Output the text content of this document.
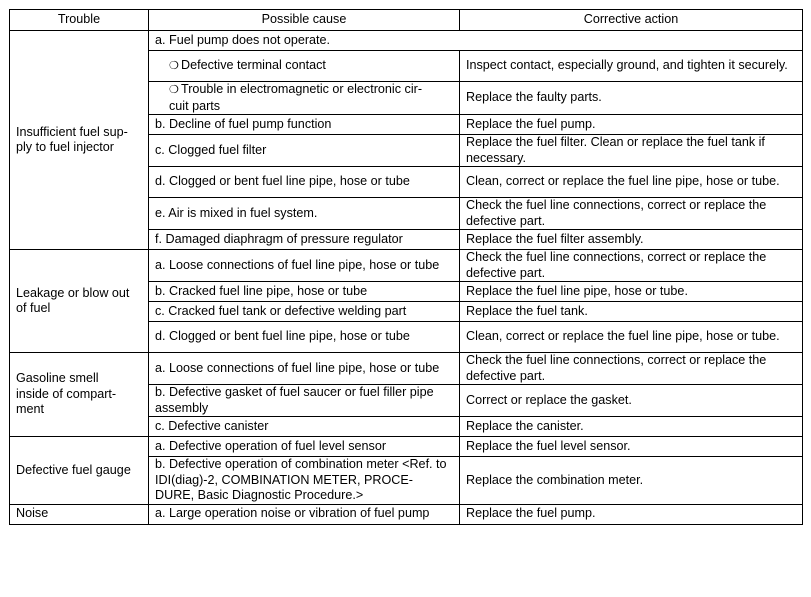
Trouble	Possible cause	Corrective action
Insufficient fuel sup-
ply to fuel injector	a. Fuel pump does not operate.	
	❍ Defective terminal contact	Inspect contact, especially ground, and tighten it securely.
	❍ Trouble in electromagnetic or electronic cir-
cuit parts	Replace the faulty parts.
	b. Decline of fuel pump function	Replace the fuel pump.
	c. Clogged fuel filter	Replace the fuel filter. Clean or replace the fuel tank if necessary.
	d. Clogged or bent fuel line pipe, hose or tube	Clean, correct or replace the fuel line pipe, hose or tube.
	e. Air is mixed in fuel system.	Check the fuel line connections, correct or replace the defective part.
	f. Damaged diaphragm of pressure regulator	Replace the fuel filter assembly.
Leakage or blow out
of fuel	a. Loose connections of fuel line pipe, hose or tube	Check the fuel line connections, correct or replace the defective part.
	b. Cracked fuel line pipe, hose or tube	Replace the fuel line pipe, hose or tube.
	c. Cracked fuel tank or defective welding part	Replace the fuel tank.
	d. Clogged or bent fuel line pipe, hose or tube	Clean, correct or replace the fuel line pipe, hose or tube.
Gasoline smell
inside of compart-
ment	a. Loose connections of fuel line pipe, hose or tube	Check the fuel line connections, correct or replace the defective part.
	b. Defective gasket of fuel saucer or fuel filler pipe assembly	Correct or replace the gasket.
	c. Defective canister	Replace the canister.
Defective fuel gauge	a. Defective operation of fuel level sensor	Replace the fuel level sensor.
	b. Defective operation of combination meter <Ref. to IDI(diag)-2, COMBINATION METER, PROCE-
DURE, Basic Diagnostic Procedure.>	Replace the combination meter.
Noise	a. Large operation noise or vibration of fuel pump	Replace the fuel pump.
